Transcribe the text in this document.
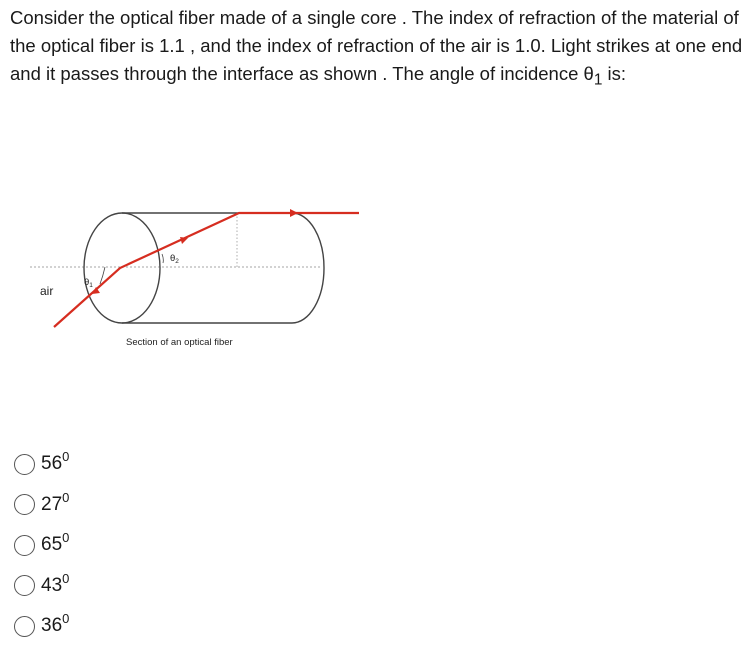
Consider the optical fiber made of a single core . The index of refraction of the material of the optical fiber is 1.1 , and the index of refraction of the air is 1.0. Light strikes at one end and it passes through the interface as shown . The angle of incidence $\theta_1$ is:

air
$\theta_1$
$\theta_2$
Section of an optical fiber
$56^0$
$27^0$
$65^0$
$43^0$
$36^0$
